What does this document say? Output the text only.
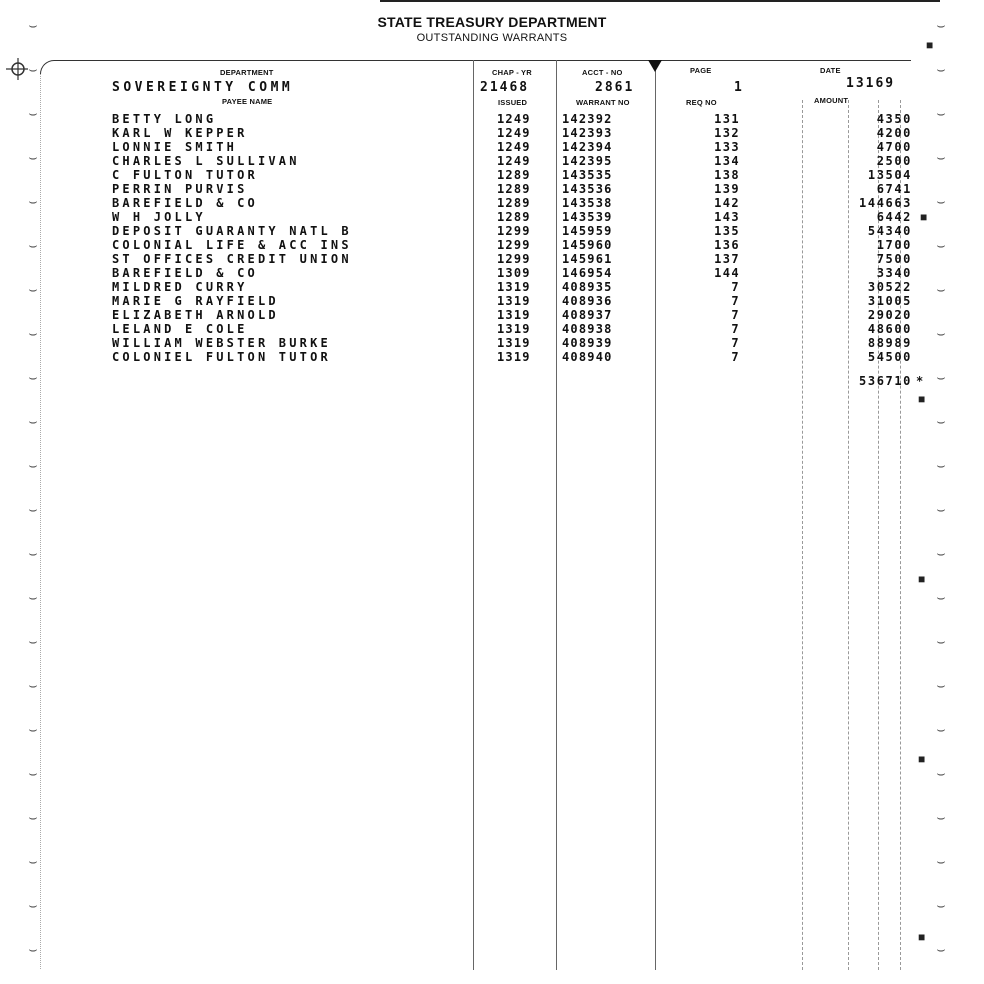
STATE TREASURY DEPARTMENT
OUTSTANDING WARRANTS
DEPARTMENT	CHAP - YR	ACCT - NO	PAGE	DATE
SOVEREIGNTY COMM	21468	2861	1	13169
PAYEE NAME	ISSUED	WARRANT NO	REQ NO	AMOUNT
BETTY LONG	1249	142392	131	4350
KARL W KEPPER	1249	142393	132	4200
LONNIE SMITH	1249	142394	133	4700
CHARLES L SULLIVAN	1249	142395	134	2500
C FULTON TUTOR	1289	143535	138	13504
PERRIN PURVIS	1289	143536	139	6741
BAREFIELD & CO	1289	143538	142	144663
W H JOLLY	1289	143539	143	6442
DEPOSIT GUARANTY NATL B	1299	145959	135	54340
COLONIAL LIFE & ACC INS	1299	145960	136	1700
ST OFFICES CREDIT UNION	1299	145961	137	7500
BAREFIELD & CO	1309	146954	144	3340
MILDRED CURRY	1319	408935	7	30522
MARIE G RAYFIELD	1319	408936	7	31005
ELIZABETH ARNOLD	1319	408937	7	29020
LELAND E COLE	1319	408938	7	48600
WILLIAM WEBSTER BURKE	1319	408939	7	88989
COLONIEL FULTON TUTOR	1319	408940	7	54500
536710 *
⌣
⌣
⌣
⌣
⌣
⌣
⌣
⌣
⌣
⌣
⌣
⌣
⌣
⌣
⌣
⌣
⌣
⌣
⌣
⌣
⌣
⌣
⌣
⌣
⌣
⌣
⌣
⌣
⌣
⌣
⌣
⌣
⌣
⌣
⌣
⌣
⌣
⌣
⌣
⌣
⌣
⌣
⌣
⌣
■
■
■
■
■
■
